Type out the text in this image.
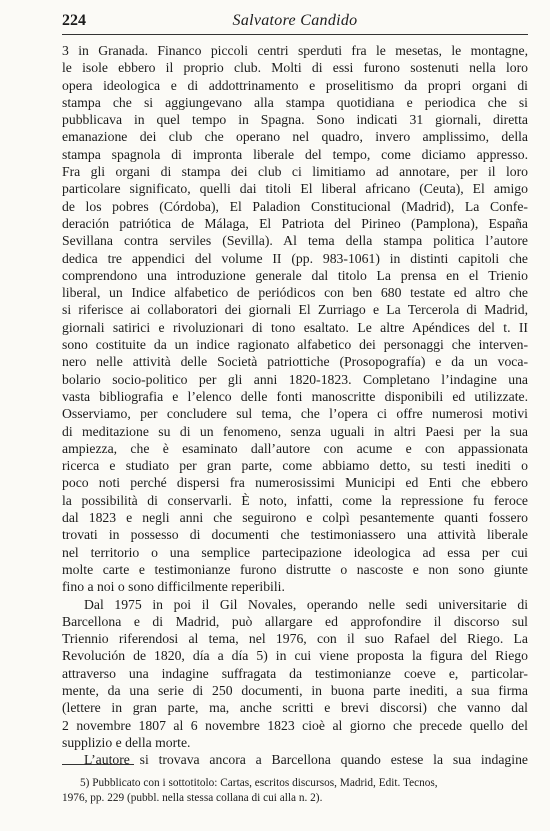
224	Salvatore Candido
3 in Granada. Financo piccoli centri sperduti fra le mesetas, le montagne,
le isole ebbero il proprio club. Molti di essi furono sostenuti nella loro
opera ideologica e di addottrinamento e proselitismo da propri organi di
stampa che si aggiungevano alla stampa quotidiana e periodica che si
pubblicava in quel tempo in Spagna. Sono indicati 31 giornali, diretta
emanazione dei club che operano nel quadro, invero amplissimo, della
stampa spagnola di impronta liberale del tempo, come diciamo appresso.
Fra gli organi di stampa dei club ci limitiamo ad annotare, per il loro
particolare significato, quelli dai titoli El liberal africano (Ceuta), El amigo
de los pobres (Córdoba), El Paladion Constitucional (Madrid), La Confe-
deración patriótica de Málaga, El Patriota del Pirineo (Pamplona), España
Sevillana contra serviles (Sevilla). Al tema della stampa politica l’autore
dedica tre appendici del volume II (pp. 983-1061) in distinti capitoli che
comprendono una introduzione generale dal titolo La prensa en el Trienio
liberal, un Indice alfabetico de periódicos con ben 680 testate ed altro che
si riferisce ai collaboratori dei giornali El Zurriago e La Tercerola di Madrid,
giornali satirici e rivoluzionari di tono esaltato. Le altre Apéndices del t. II
sono costituite da un indice ragionato alfabetico dei personaggi che interven-
nero nelle attività delle Società patriottiche (Prosopografía) e da un voca-
bolario socio-politico per gli anni 1820-1823. Completano l’indagine una
vasta bibliografia e l’elenco delle fonti manoscritte disponibili ed utilizzate.
Osserviamo, per concludere sul tema, che l’opera ci offre numerosi motivi
di meditazione su di un fenomeno, senza uguali in altri Paesi per la sua
ampiezza, che è esaminato dall’autore con acume e con appassionata
ricerca e studiato per gran parte, come abbiamo detto, su testi inediti o
poco noti perché dispersi fra numerosissimi Municipi ed Enti che ebbero
la possibilità di conservarli. È noto, infatti, come la repressione fu feroce
dal 1823 e negli anni che seguirono e colpì pesantemente quanti fossero
trovati in possesso di documenti che testimoniassero una attività liberale
nel territorio o una semplice partecipazione ideologica ad essa per cui
molte carte e testimonianze furono distrutte o nascoste e non sono giunte
fino a noi o sono difficilmente reperibili.
Dal 1975 in poi il Gil Novales, operando nelle sedi universitarie di
Barcellona e di Madrid, può allargare ed approfondire il discorso sul
Triennio riferendosi al tema, nel 1976, con il suo Rafael del Riego. La
Revolución de 1820, día a día 5) in cui viene proposta la figura del Riego
attraverso una indagine suffragata da testimonianze coeve e, particolar-
mente, da una serie di 250 documenti, in buona parte inediti, a sua firma
(lettere in gran parte, ma, anche scritti e brevi discorsi) che vanno dal
2 novembre 1807 al 6 novembre 1823 cioè al giorno che precede quello del
supplizio e della morte.
L’autore si trovava ancora a Barcellona quando estese la sua indagine
5) Pubblicato con i sottotitolo: Cartas, escritos discursos, Madrid, Edit. Tecnos,
1976, pp. 229 (pubbl. nella stessa collana di cui alla n. 2).
